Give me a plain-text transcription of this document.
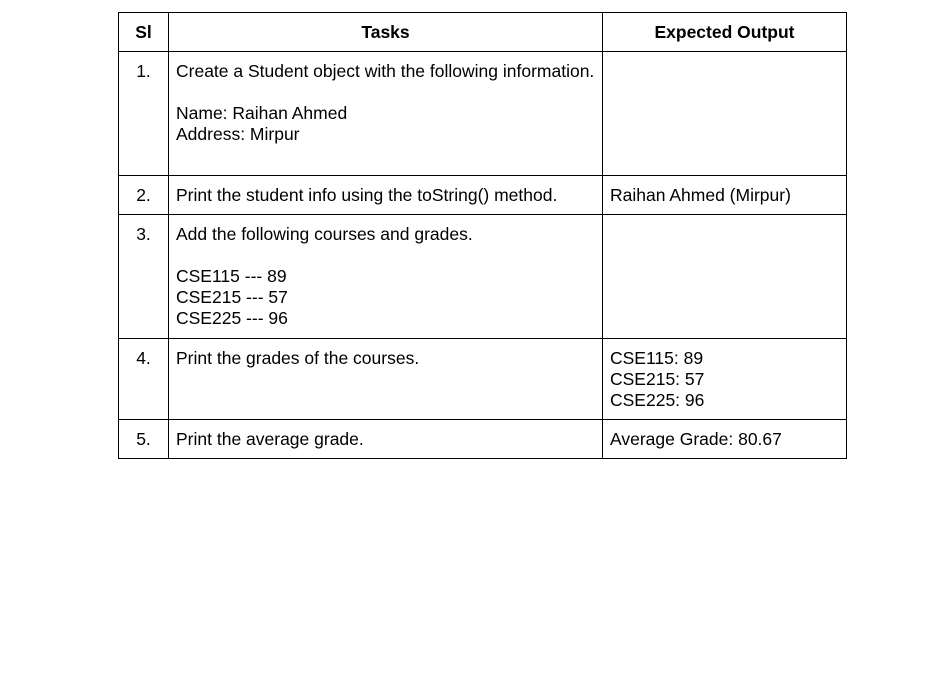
Sl	Tasks	Expected Output
1.	Create a Student object with the following information.
Name: Raihan Ahmed
Address: Mirpur	

2.	Print the student info using the toString() method.	Raihan Ahmed (Mirpur)

3.	Add the following courses and grades.
CSE115 --- 89
CSE215 --- 57
CSE225 --- 96	

4.	Print the grades of the courses.	CSE115: 89
CSE215: 57
CSE225: 96

5.	Print the average grade.	Average Grade: 80.67
